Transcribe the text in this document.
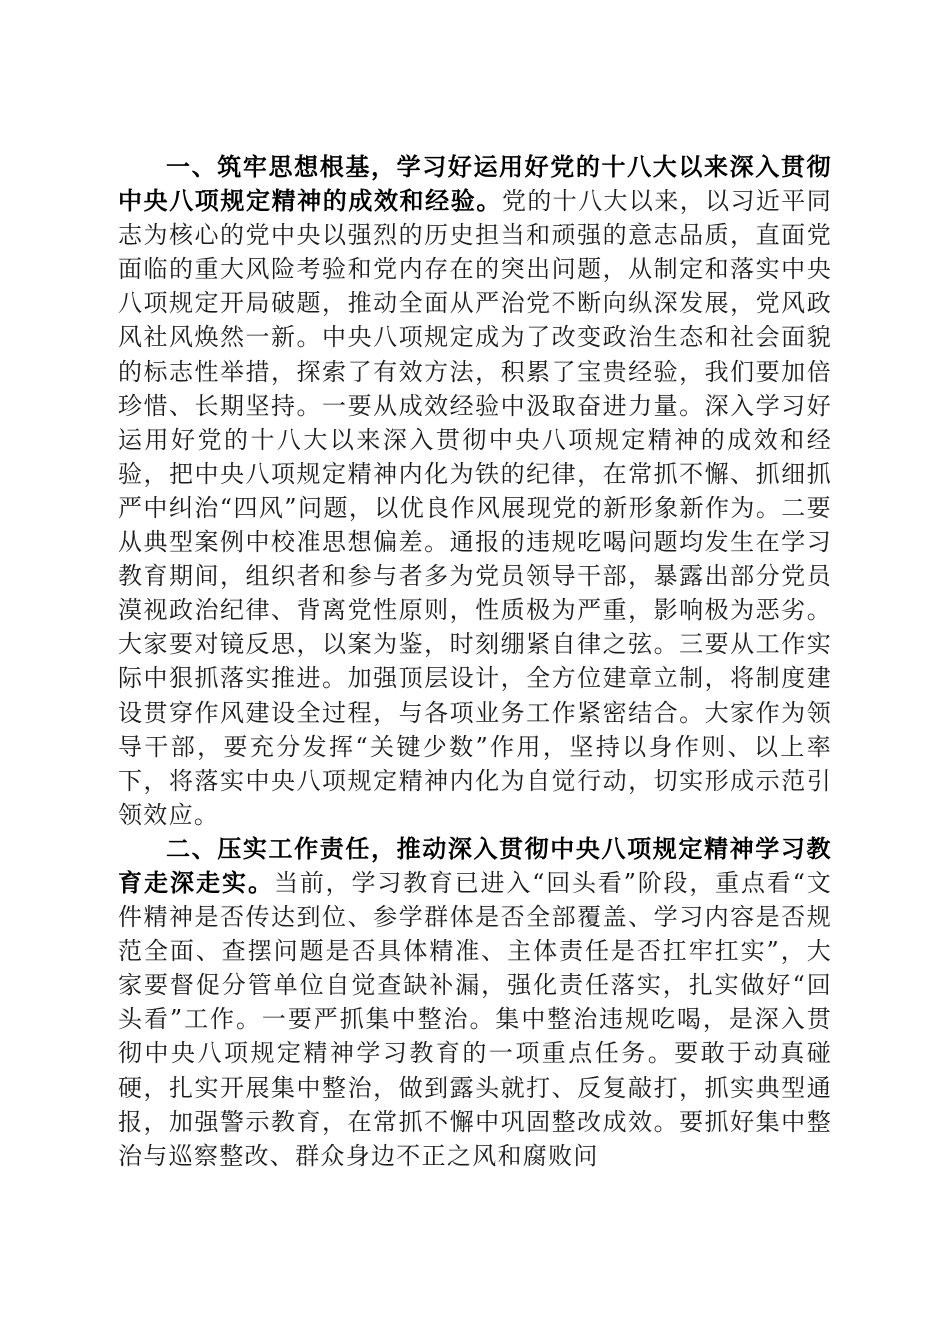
一、筑牢思想根基，学习好运用好党的十八大以来深入贯彻中央八项规定精神的成效和经验。党的十八大以来，以习近平同志为核心的党中央以强烈的历史担当和顽强的意志品质，直面党面临的重大风险考验和党内存在的突出问题，从制定和落实中央八项规定开局破题，推动全面从严治党不断向纵深发展，党风政风社风焕然一新。中央八项规定成为了改变政治生态和社会面貌的标志性举措，探索了有效方法，积累了宝贵经验，我们要加倍珍惜、长期坚持。一要从成效经验中汲取奋进力量。深入学习好运用好党的十八大以来深入贯彻中央八项规定精神的成效和经验，把中央八项规定精神内化为铁的纪律，在常抓不懈、抓细抓严中纠治“四风”问题，以优良作风展现党的新形象新作为。二要从典型案例中校准思想偏差。通报的违规吃喝问题均发生在学习教育期间，组织者和参与者多为党员领导干部，暴露出部分党员漠视政治纪律、背离党性原则，性质极为严重，影响极为恶劣。大家要对镜反思，以案为鉴，时刻绷紧自律之弦。三要从工作实际中狠抓落实推进。加强顶层设计，全方位建章立制，将制度建设贯穿作风建设全过程，与各项业务工作紧密结合。大家作为领导干部，要充分发挥“关键少数”作用，坚持以身作则、以上率下，将落实中央八项规定精神内化为自觉行动，切实形成示范引领效应。

二、压实工作责任，推动深入贯彻中央八项规定精神学习教育走深走实。当前，学习教育已进入“回头看”阶段，重点看“文件精神是否传达到位、参学群体是否全部覆盖、学习内容是否规范全面、查摆问题是否具体精准、主体责任是否扛牢扛实”，大家要督促分管单位自觉查缺补漏，强化责任落实，扎实做好“回头看”工作。一要严抓集中整治。集中整治违规吃喝，是深入贯彻中央八项规定精神学习教育的一项重点任务。要敢于动真碰硬，扎实开展集中整治，做到露头就打、反复敲打，抓实典型通报，加强警示教育，在常抓不懈中巩固整改成效。要抓好集中整治与巡察整改、群众身边不正之风和腐败问
